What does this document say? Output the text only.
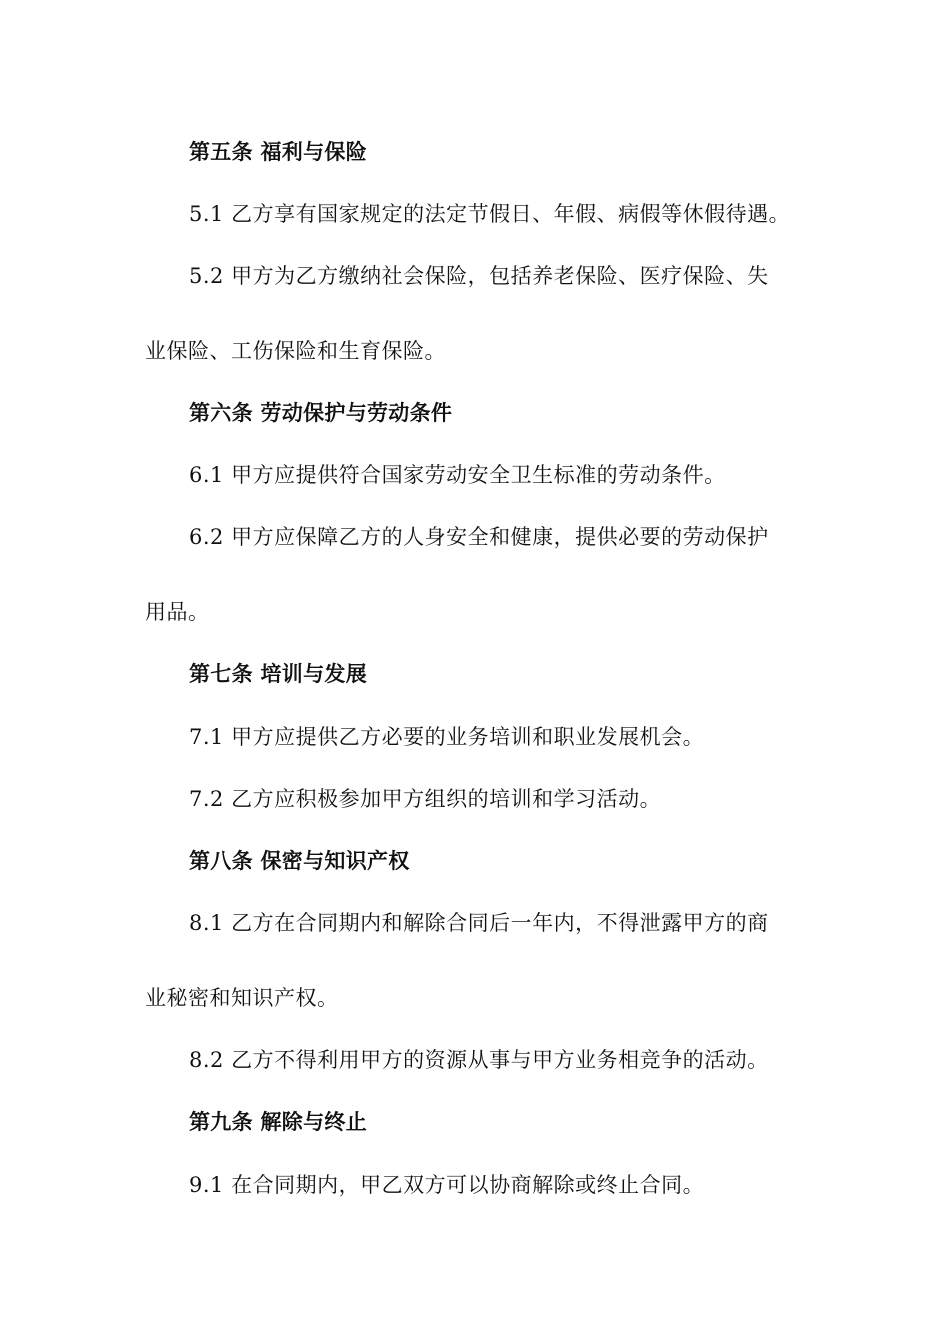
第五条 福利与保险
5.1 乙方享有国家规定的法定节假日、年假、病假等休假待遇。
5.2 甲方为乙方缴纳社会保险，包括养老保险、医疗保险、失
业保险、工伤保险和生育保险。
第六条 劳动保护与劳动条件
6.1 甲方应提供符合国家劳动安全卫生标准的劳动条件。
6.2 甲方应保障乙方的人身安全和健康，提供必要的劳动保护
用品。
第七条 培训与发展
7.1 甲方应提供乙方必要的业务培训和职业发展机会。
7.2 乙方应积极参加甲方组织的培训和学习活动。
第八条 保密与知识产权
8.1 乙方在合同期内和解除合同后一年内，不得泄露甲方的商
业秘密和知识产权。
8.2 乙方不得利用甲方的资源从事与甲方业务相竞争的活动。
第九条 解除与终止
9.1 在合同期内，甲乙双方可以协商解除或终止合同。
